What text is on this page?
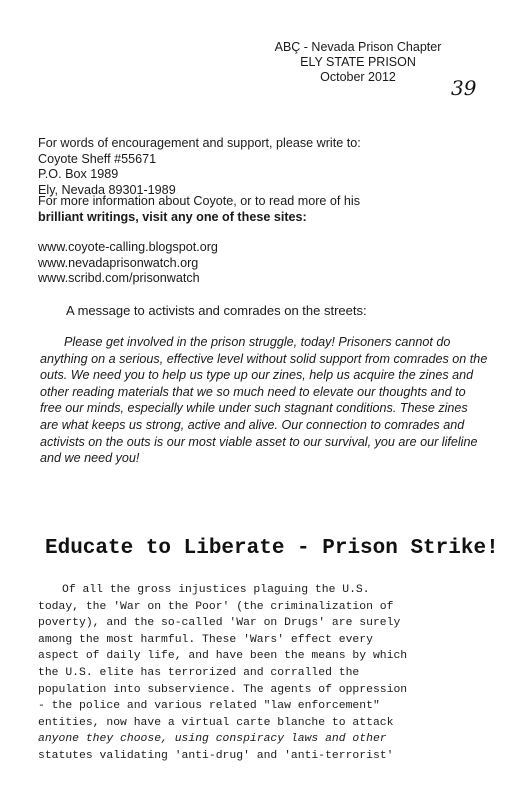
ABÇ - Nevada Prison Chapter
ELY STATE PRISON
October 2012	39
For words of encouragement and support, please write to:
Coyote Sheff #55671
P.O. Box 1989
Ely, Nevada 89301-1989
For more information about Coyote, or to read more of his
brilliant writings, visit any one of these sites:
www.coyote-calling.blogspot.org
www.nevadaprisonwatch.org
www.scribd.com/prisonwatch
A message to activists and comrades on the streets:
Please get involved in the prison struggle, today! Prisoners cannot do anything on a serious, effective level without solid support from comrades on the outs. We need you to help us type up our zines, help us acquire the zines and other reading materials that we so much need to elevate our thoughts and to free our minds, especially while under such stagnant conditions. These zines are what keeps us strong, active and alive. Our connection to comrades and activists on the outs is our most viable asset to our survival, you are our lifeline and we need you!
Educate to Liberate - Prison Strike!
Of all the gross injustices plaguing the U.S.
today, the 'War on the Poor' (the criminalization of
poverty), and the so-called 'War on Drugs' are surely
among the most harmful. These 'Wars' effect every
aspect of daily life, and have been the means by which
the U.S. elite has terrorized and corralled the
population into subservience. The agents of oppression
- the police and various related "law enforcement"
entities, now have a virtual carte blanche to attack
anyone they choose, using conspiracy laws and other
statutes validating 'anti-drug' and 'anti-terrorist'
